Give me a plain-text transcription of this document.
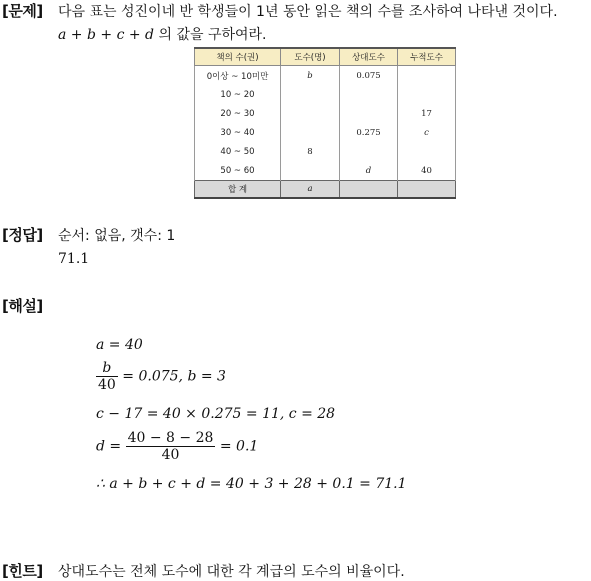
[문제] 다음 표는 성진이네 반 학생들이 1년 동안 읽은 책의 수를 조사하여 나타낸 것이다.
a + b + c + d 의 값을 구하여라.
책의 수(권)	도수(명)	상대도수	누적도수
0이상 ~ 10미만	b	0.075	
10 ~ 20			
20 ~ 30			17
30 ~ 40		0.275	c
40 ~ 50	8		
50 ~ 60		d	40
합 계	a		
[정답] 순서: 없음, 갯수: 1
71.1
[해설]
a = 40
$\frac{b}{40} = 0.075$, b = 3
c − 17 = 40 × 0.275 = 11, c = 28
$d = \frac{40 - 8 - 28}{40} = 0.1$
∴ a + b + c + d = 40 + 3 + 28 + 0.1 = 71.1
[힌트] 상대도수는 전체 도수에 대한 각 계급의 도수의 비율이다.
